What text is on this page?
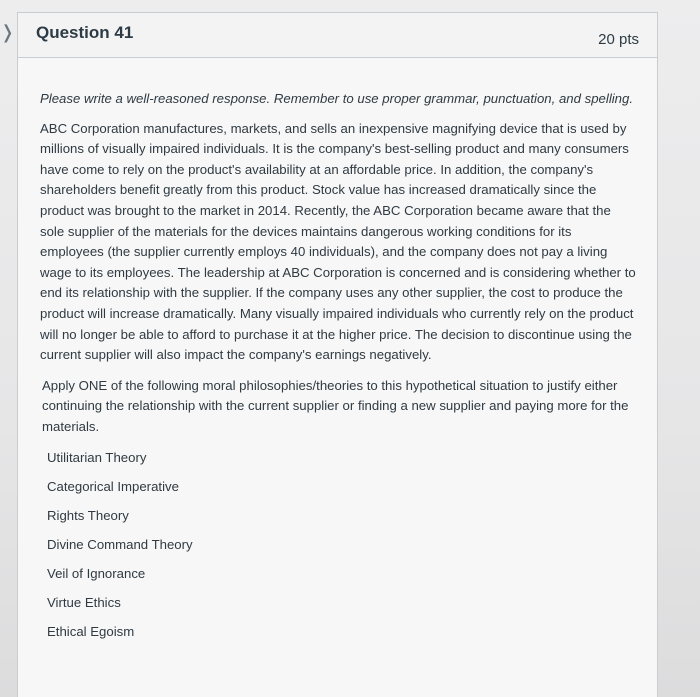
❭ Question 41	20 pts

Please write a well-reasoned response. Remember to use proper grammar, punctuation, and spelling.

ABC Corporation manufactures, markets, and sells an inexpensive magnifying device that is used by millions of visually impaired individuals. It is the company's best-selling product and many consumers have come to rely on the product's availability at an affordable price. In addition, the company's shareholders benefit greatly from this product. Stock value has increased dramatically since the product was brought to the market in 2014. Recently, the ABC Corporation became aware that the sole supplier of the materials for the devices maintains dangerous working conditions for its employees (the supplier currently employs 40 individuals), and the company does not pay a living wage to its employees. The leadership at ABC Corporation is concerned and is considering whether to end its relationship with the supplier. If the company uses any other supplier, the cost to produce the product will increase dramatically. Many visually impaired individuals who currently rely on the product will no longer be able to afford to purchase it at the higher price. The decision to discontinue using the current supplier will also impact the company's earnings negatively.

Apply ONE of the following moral philosophies/theories to this hypothetical situation to justify either continuing the relationship with the current supplier or finding a new supplier and paying more for the materials.

Utilitarian Theory
Categorical Imperative
Rights Theory
Divine Command Theory
Veil of Ignorance
Virtue Ethics
Ethical Egoism
